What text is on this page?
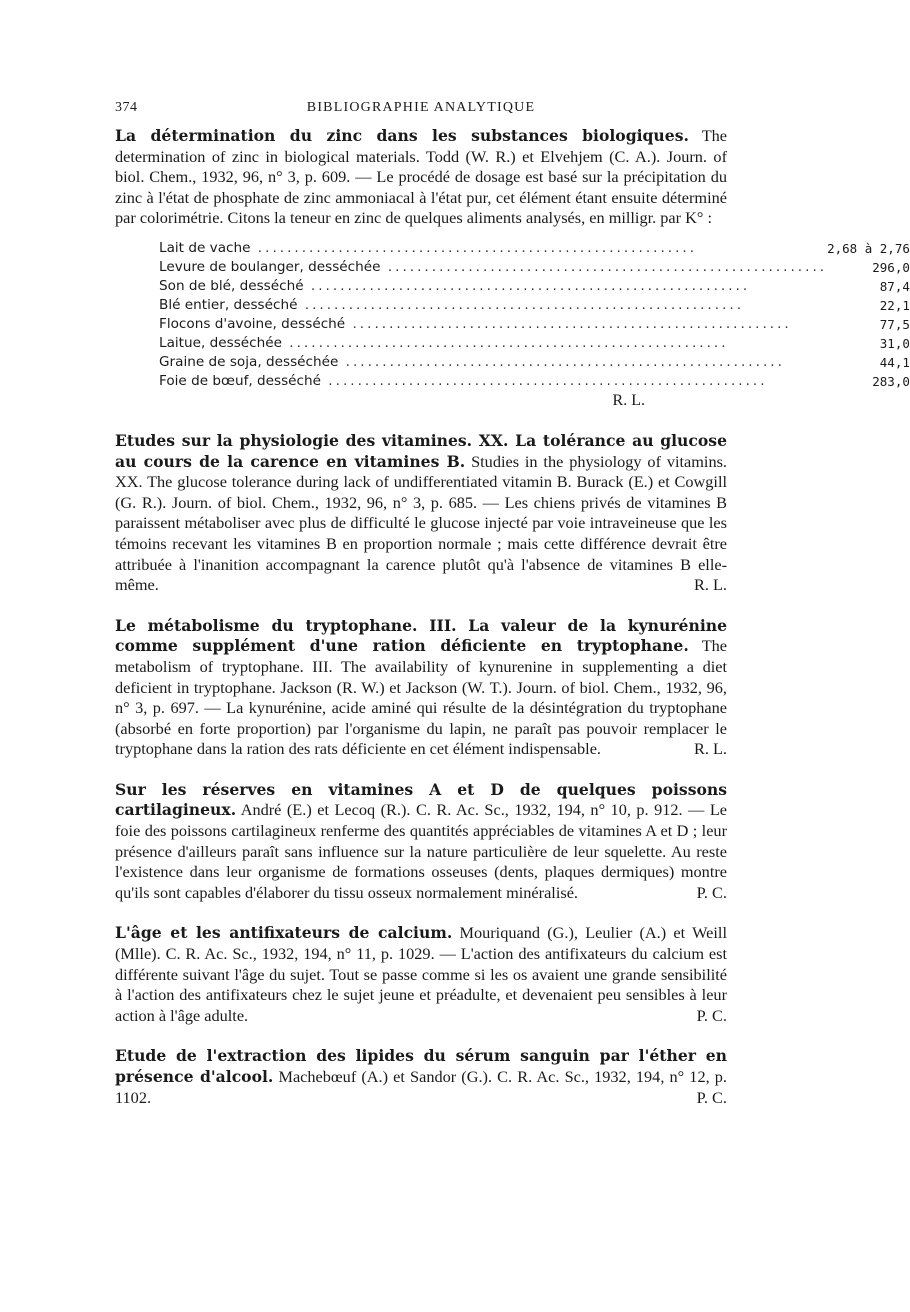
374	BIBLIOGRAPHIE ANALYTIQUE
La détermination du zinc dans les substances biologiques. The determination of zinc in biological materials. Todd (W. R.) et Elvehjem (C. A.). Journ. of biol. Chem., 1932, 96, n° 3, p. 609. — Le procédé de dosage est basé sur la précipitation du zinc à l'état de phosphate de zinc ammoniacal à l'état pur, cet élément étant ensuite déterminé par colorimétrie. Citons la teneur en zinc de quelques aliments analysés, en milligr. par K° :
Lait de vache ............................................................	2,68 à 2,76
Levure de boulanger, desséchée ............................................................	296,0
Son de blé, desséché ............................................................	87,4
Blé entier, desséché ............................................................	22,1
Flocons d'avoine, desséché ............................................................	77,5
Laitue, desséchée ............................................................	31,0
Graine de soja, desséchée ............................................................	44,1
Foie de bœuf, desséché ............................................................	283,0
R. L.
Etudes sur la physiologie des vitamines. XX. La tolérance au glucose au cours de la carence en vitamines B. Studies in the physiology of vitamins. XX. The glucose tolerance during lack of undifferentiated vitamin B. Burack (E.) et Cowgill (G. R.). Journ. of biol. Chem., 1932, 96, n° 3, p. 685. — Les chiens privés de vitamines B paraissent métaboliser avec plus de difficulté le glucose injecté par voie intraveineuse que les témoins recevant les vitamines B en proportion normale ; mais cette différence devrait être attribuée à l'inanition accompagnant la carence plutôt qu'à l'absence de vitamines B elle-même.	R. L.
Le métabolisme du tryptophane. III. La valeur de la kynurénine comme supplément d'une ration déficiente en tryptophane. The metabolism of tryptophane. III. The availability of kynurenine in supplementing a diet deficient in tryptophane. Jackson (R. W.) et Jackson (W. T.). Journ. of biol. Chem., 1932, 96, n° 3, p. 697. — La kynurénine, acide aminé qui résulte de la désintégration du tryptophane (absorbé en forte proportion) par l'organisme du lapin, ne paraît pas pouvoir remplacer le tryptophane dans la ration des rats déficiente en cet élément indispensable.	R. L.
Sur les réserves en vitamines A et D de quelques poissons cartilagineux. André (E.) et Lecoq (R.). C. R. Ac. Sc., 1932, 194, n° 10, p. 912. — Le foie des poissons cartilagineux renferme des quantités appréciables de vitamines A et D ; leur présence d'ailleurs paraît sans influence sur la nature particulière de leur squelette. Au reste l'existence dans leur organisme de formations osseuses (dents, plaques dermiques) montre qu'ils sont capables d'élaborer du tissu osseux normalement minéralisé.	P. C.
L'âge et les antifixateurs de calcium. Mouriquand (G.), Leulier (A.) et Weill (Mlle). C. R. Ac. Sc., 1932, 194, n° 11, p. 1029. — L'action des antifixateurs du calcium est différente suivant l'âge du sujet. Tout se passe comme si les os avaient une grande sensibilité à l'action des antifixateurs chez le sujet jeune et préadulte, et devenaient peu sensibles à leur action à l'âge adulte.	P. C.
Etude de l'extraction des lipides du sérum sanguin par l'éther en présence d'alcool. Machebœuf (A.) et Sandor (G.). C. R. Ac. Sc., 1932, 194, n° 12, p. 1102.	P. C.
